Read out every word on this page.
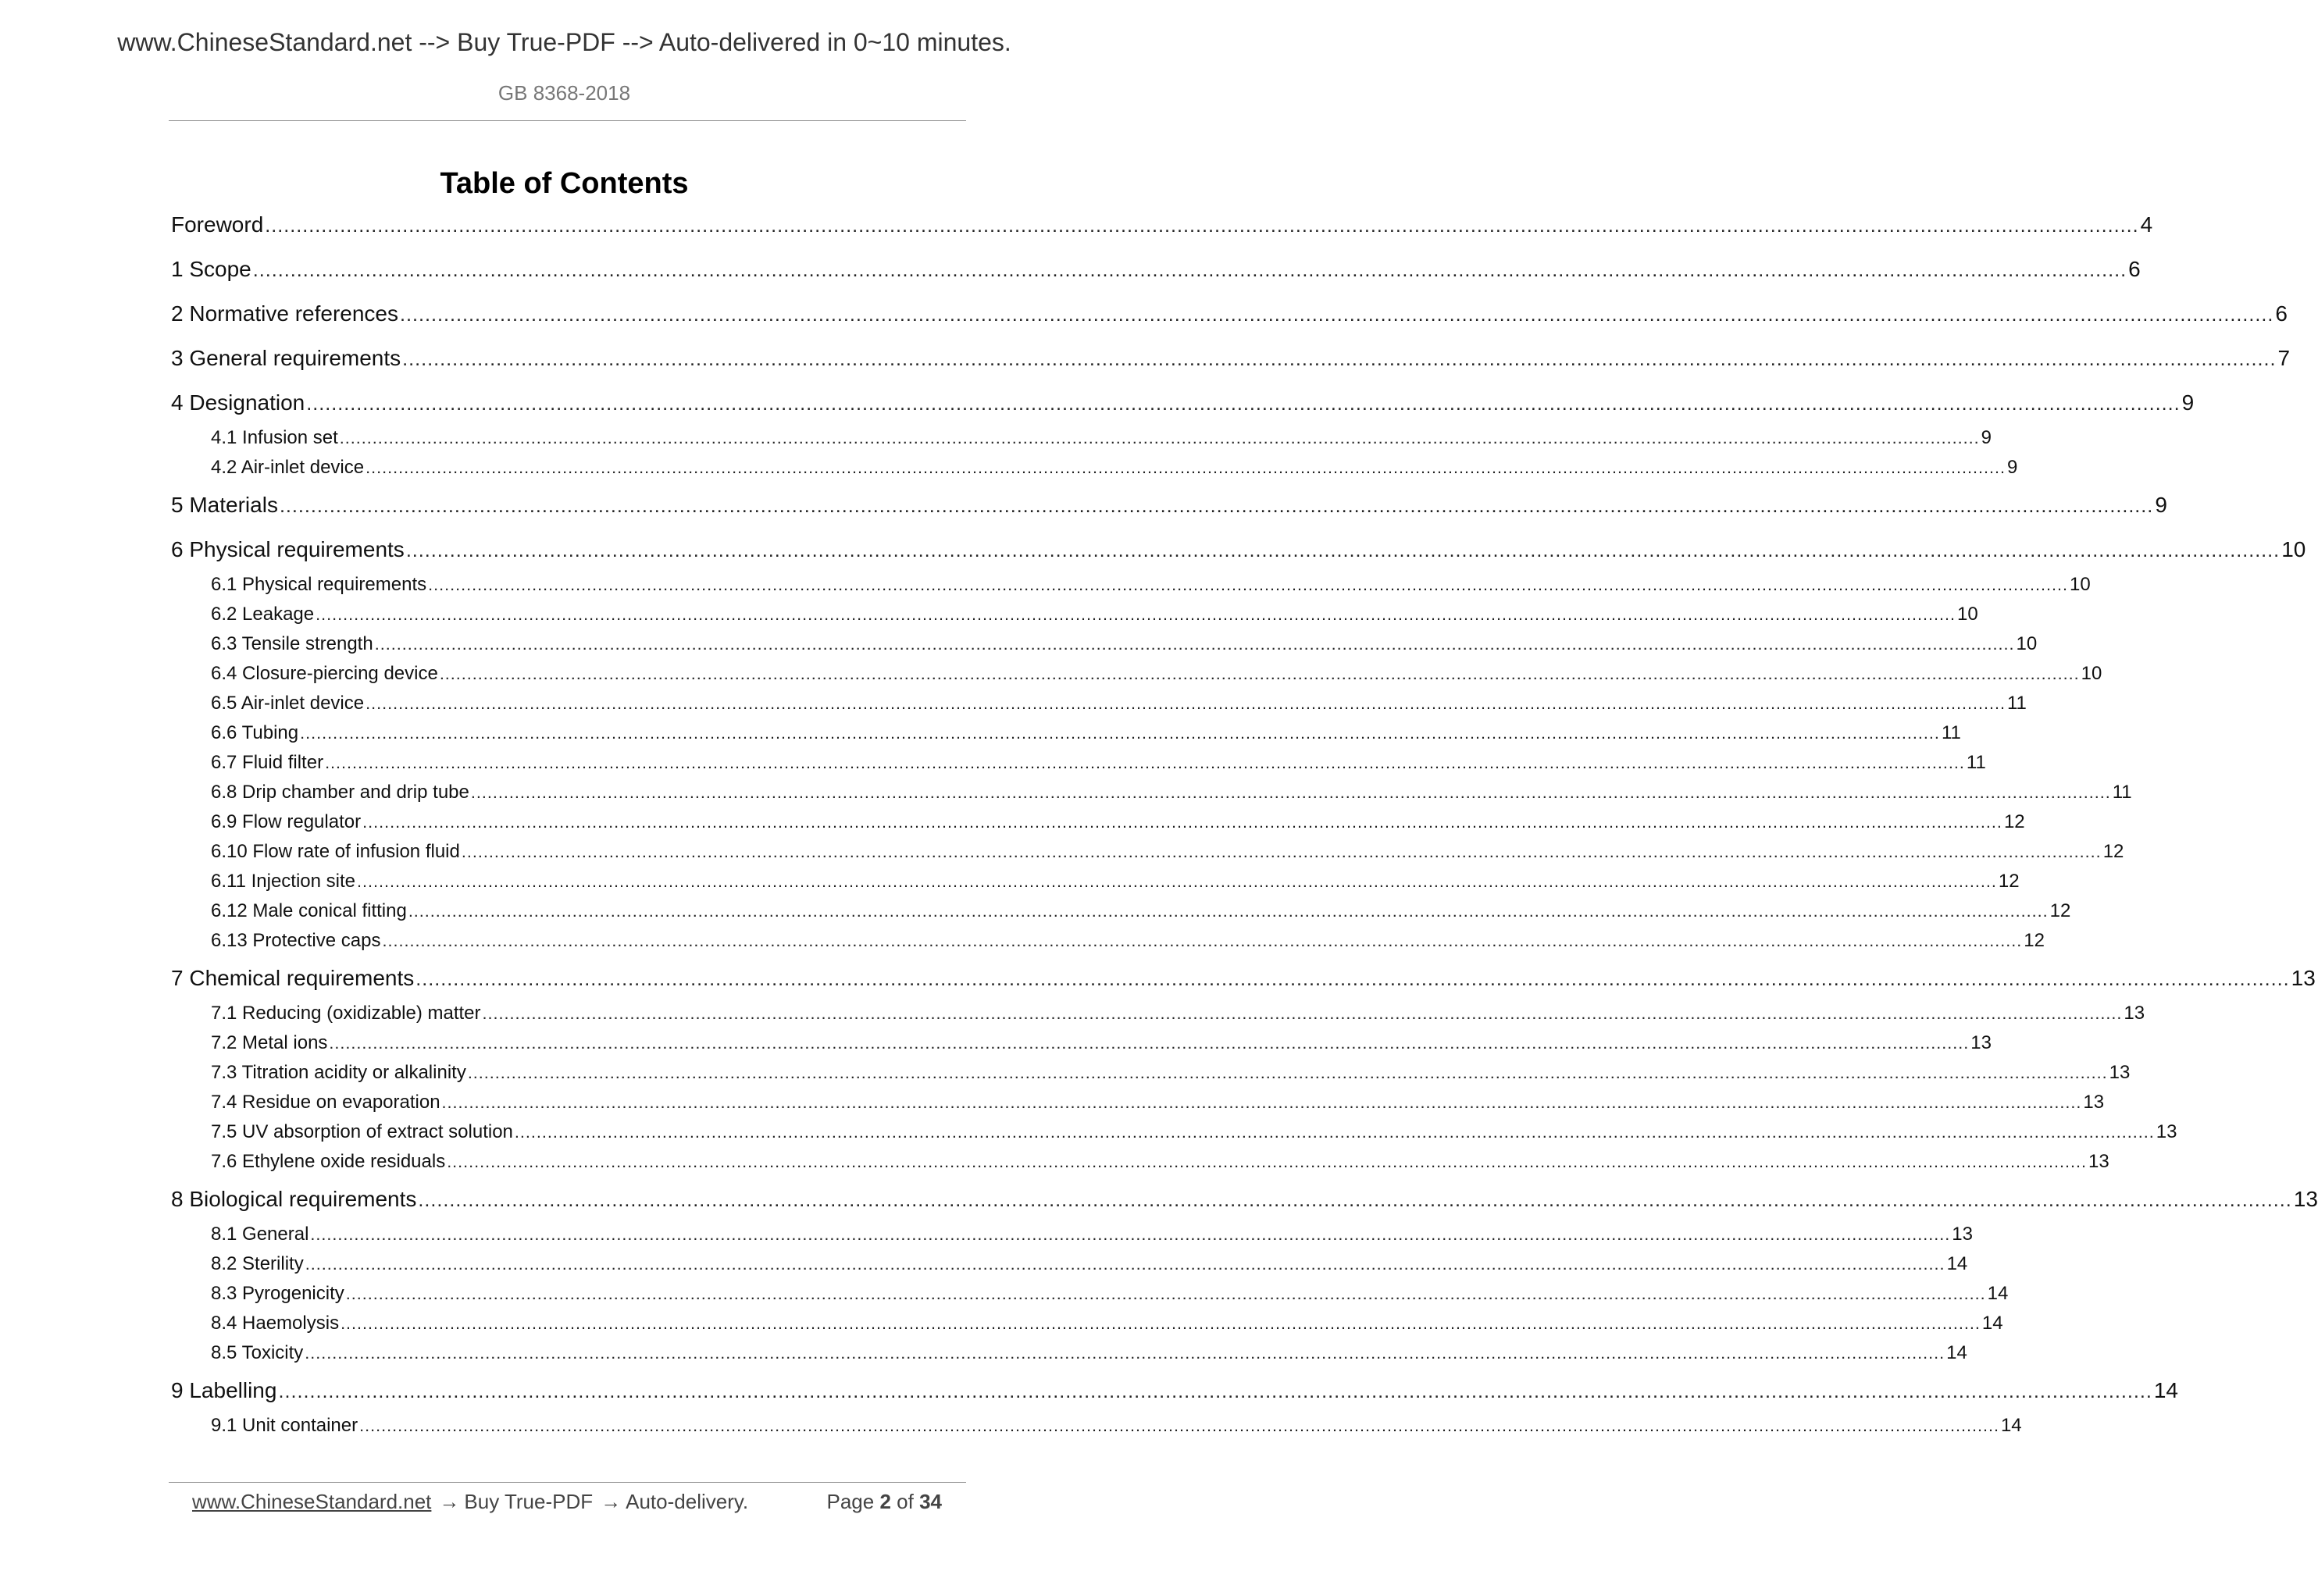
www.ChineseStandard.net --> Buy True-PDF --> Auto-delivered in 0~10 minutes.
GB 8368-2018
Table of Contents
Foreword ............................................................................................................................................................................................................................................................................................................ 4
1 Scope ............................................................................................................................................................................................................................................................................................................ 6
2 Normative references ............................................................................................................................................................................................................................................................................................................ 6
3 General requirements ............................................................................................................................................................................................................................................................................................................ 7
4 Designation ............................................................................................................................................................................................................................................................................................................ 9
4.1 Infusion set ............................................................................................................................................................................................................................................................................................................ 9
4.2 Air-inlet device ............................................................................................................................................................................................................................................................................................................ 9
5 Materials ............................................................................................................................................................................................................................................................................................................ 9
6 Physical requirements ............................................................................................................................................................................................................................................................................................................ 10
6.1 Physical requirements ............................................................................................................................................................................................................................................................................................................ 10
6.2 Leakage ............................................................................................................................................................................................................................................................................................................ 10
6.3 Tensile strength ............................................................................................................................................................................................................................................................................................................ 10
6.4 Closure-piercing device ............................................................................................................................................................................................................................................................................................................ 10
6.5 Air-inlet device ............................................................................................................................................................................................................................................................................................................ 11
6.6 Tubing ............................................................................................................................................................................................................................................................................................................ 11
6.7 Fluid filter ............................................................................................................................................................................................................................................................................................................ 11
6.8 Drip chamber and drip tube ............................................................................................................................................................................................................................................................................................................ 11
6.9 Flow regulator ............................................................................................................................................................................................................................................................................................................ 12
6.10 Flow rate of infusion fluid ............................................................................................................................................................................................................................................................................................................ 12
6.11 Injection site ............................................................................................................................................................................................................................................................................................................ 12
6.12 Male conical fitting ............................................................................................................................................................................................................................................................................................................ 12
6.13 Protective caps ............................................................................................................................................................................................................................................................................................................ 12
7 Chemical requirements ............................................................................................................................................................................................................................................................................................................ 13
7.1 Reducing (oxidizable) matter ............................................................................................................................................................................................................................................................................................................ 13
7.2 Metal ions ............................................................................................................................................................................................................................................................................................................ 13
7.3 Titration acidity or alkalinity ............................................................................................................................................................................................................................................................................................................ 13
7.4 Residue on evaporation ............................................................................................................................................................................................................................................................................................................ 13
7.5 UV absorption of extract solution ............................................................................................................................................................................................................................................................................................................ 13
7.6 Ethylene oxide residuals ............................................................................................................................................................................................................................................................................................................ 13
8 Biological requirements ............................................................................................................................................................................................................................................................................................................ 13
8.1 General ............................................................................................................................................................................................................................................................................................................ 13
8.2 Sterility ............................................................................................................................................................................................................................................................................................................ 14
8.3 Pyrogenicity ............................................................................................................................................................................................................................................................................................................ 14
8.4 Haemolysis ............................................................................................................................................................................................................................................................................................................ 14
8.5 Toxicity ............................................................................................................................................................................................................................................................................................................ 14
9 Labelling ............................................................................................................................................................................................................................................................................................................ 14
9.1 Unit container ............................................................................................................................................................................................................................................................................................................ 14
www.ChineseStandard.net → Buy True-PDF → Auto-delivery.	Page 2 of 34
